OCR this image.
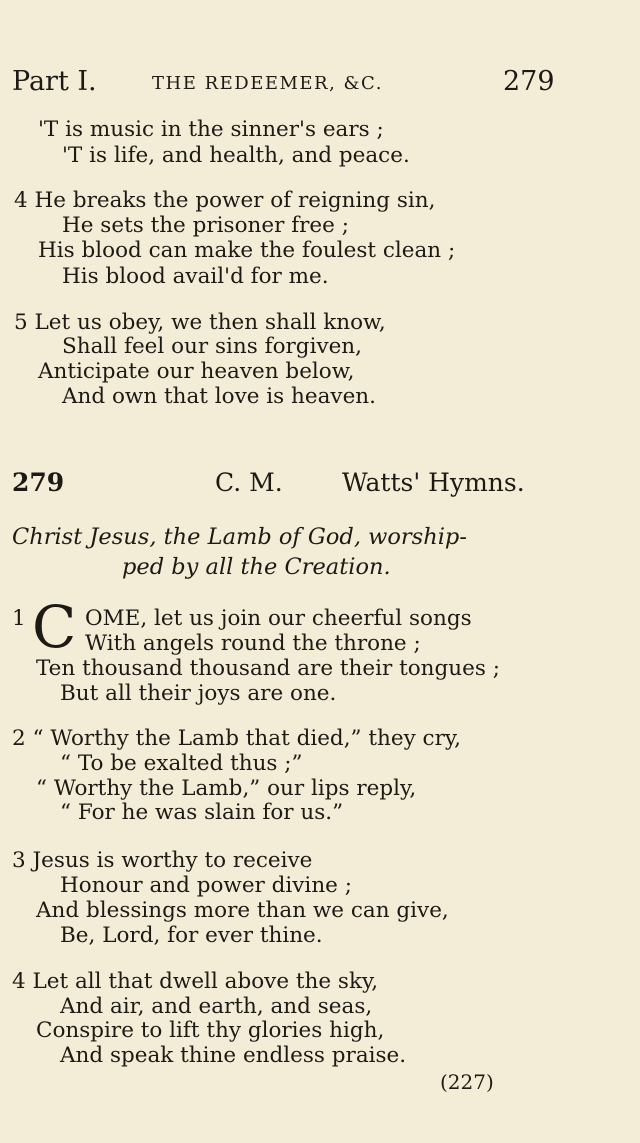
Part I.	THE REDEEMER, &C.	279
'T is music in the sinner's ears ;
'T is life, and health, and peace.
4 He breaks the power of reigning sin,
He sets the prisoner free ;
His blood can make the foulest clean ;
His blood avail'd for me.
5 Let us obey, we then shall know,
Shall feel our sins forgiven,
Anticipate our heaven below,
And own that love is heaven.
279	C. M. Watts' Hymns.
Christ Jesus, the Lamb of God, worship-
ped by all the Creation.
1 C OME, let us join our cheerful songs
With angels round the throne ;
Ten thousand thousand are their tongues ;
But all their joys are one.
2 “ Worthy the Lamb that died,” they cry,
“ To be exalted thus ;”
“ Worthy the Lamb,” our lips reply,
“ For he was slain for us.”
3 Jesus is worthy to receive
Honour and power divine ;
And blessings more than we can give,
Be, Lord, for ever thine.
4 Let all that dwell above the sky,
And air, and earth, and seas,
Conspire to lift thy glories high,
And speak thine endless praise.
(227)
